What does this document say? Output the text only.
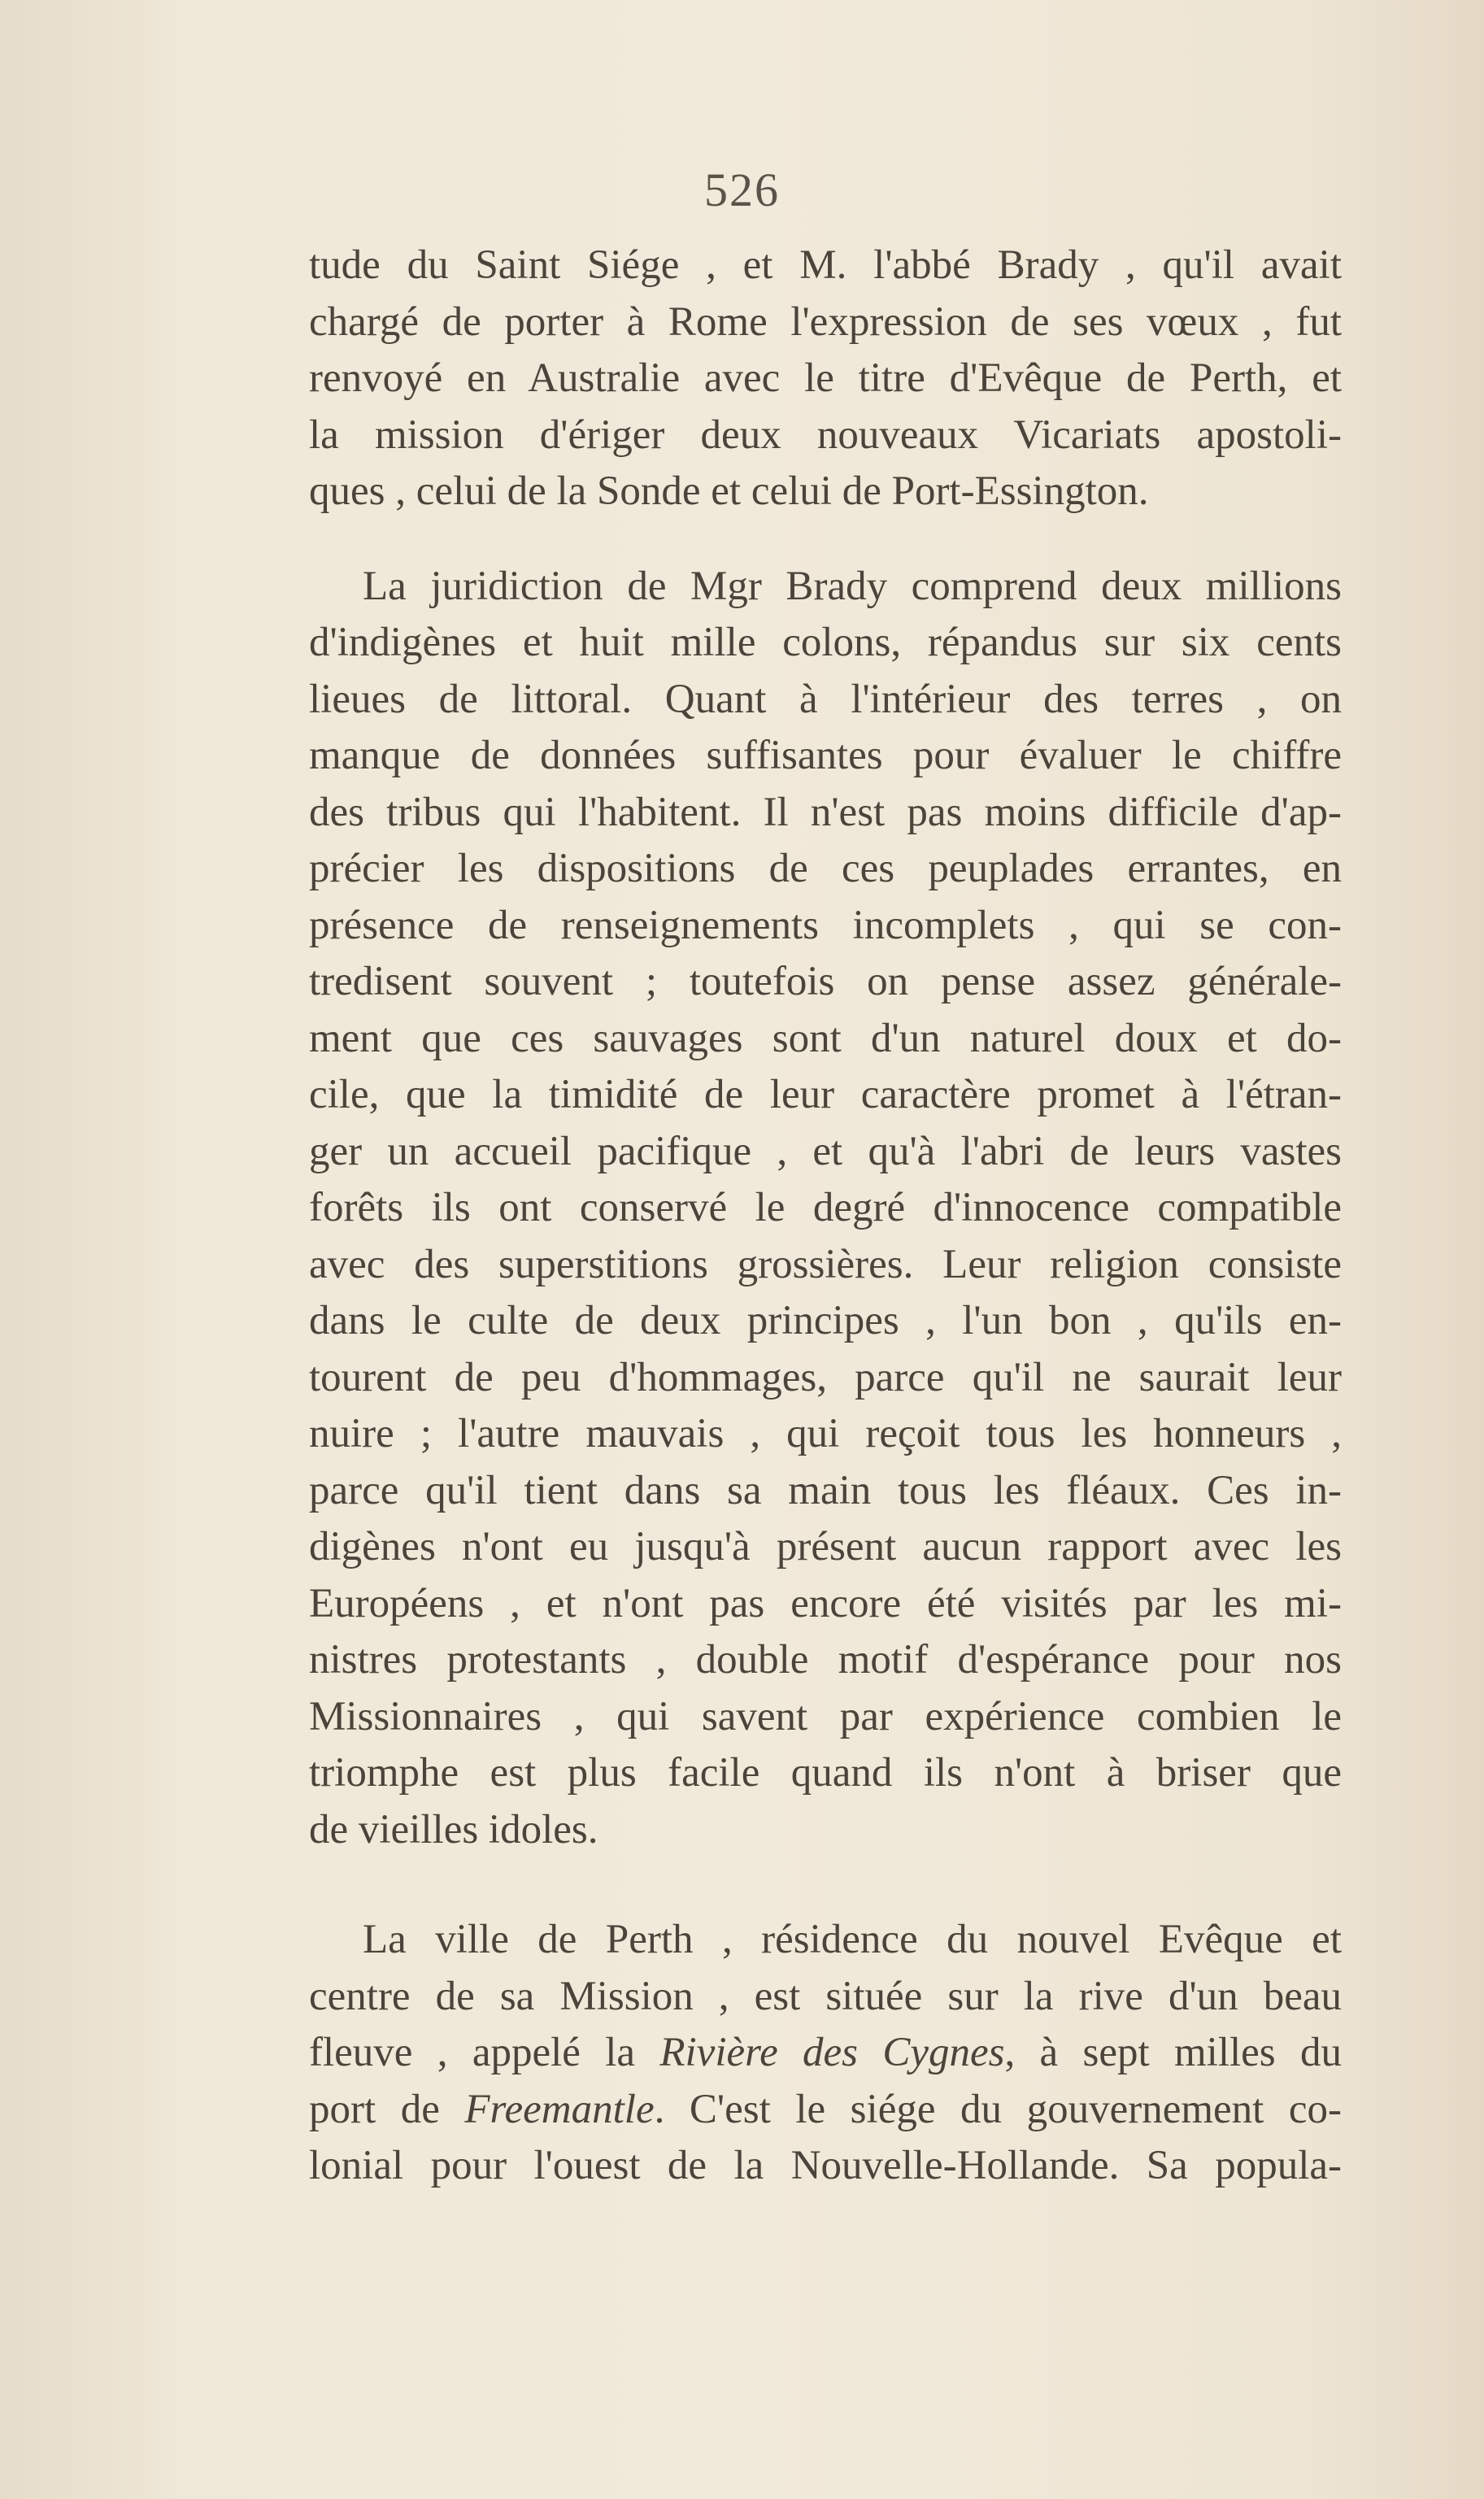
526
tude du Saint Siége , et M. l'abbé Brady , qu'il avait
chargé de porter à Rome l'expression de ses vœux , fut
renvoyé en Australie avec le titre d'Evêque de Perth, et
la mission d'ériger deux nouveaux Vicariats apostoli-
ques , celui de la Sonde et celui de Port-Essington.
La juridiction de Mgr Brady comprend deux millions
d'indigènes et huit mille colons, répandus sur six cents
lieues de littoral. Quant à l'intérieur des terres , on
manque de données suffisantes pour évaluer le chiffre
des tribus qui l'habitent. Il n'est pas moins difficile d'ap-
précier les dispositions de ces peuplades errantes, en
présence de renseignements incomplets , qui se con-
tredisent souvent ; toutefois on pense assez générale-
ment que ces sauvages sont d'un naturel doux et do-
cile, que la timidité de leur caractère promet à l'étran-
ger un accueil pacifique , et qu'à l'abri de leurs vastes
forêts ils ont conservé le degré d'innocence compatible
avec des superstitions grossières. Leur religion consiste
dans le culte de deux principes , l'un bon , qu'ils en-
tourent de peu d'hommages, parce qu'il ne saurait leur
nuire ; l'autre mauvais , qui reçoit tous les honneurs ,
parce qu'il tient dans sa main tous les fléaux. Ces in-
digènes n'ont eu jusqu'à présent aucun rapport avec les
Européens , et n'ont pas encore été visités par les mi-
nistres protestants , double motif d'espérance pour nos
Missionnaires , qui savent par expérience combien le
triomphe est plus facile quand ils n'ont à briser que
de vieilles idoles.
La ville de Perth , résidence du nouvel Evêque et
centre de sa Mission , est située sur la rive d'un beau
fleuve , appelé la Rivière des Cygnes, à sept milles du
port de Freemantle. C'est le siége du gouvernement co-
lonial pour l'ouest de la Nouvelle-Hollande. Sa popula-
